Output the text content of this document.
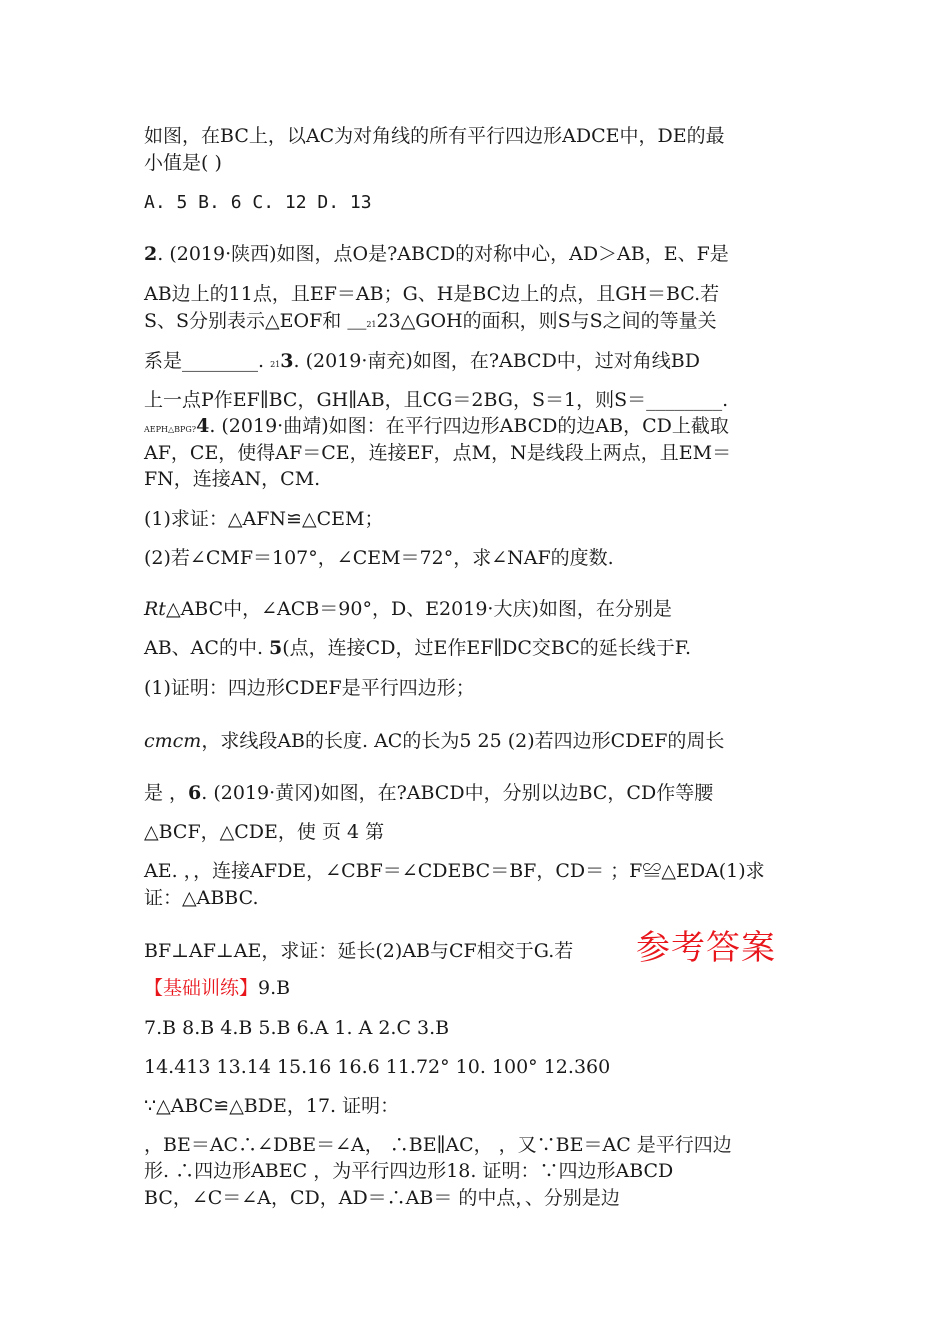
如图，在BC上，以AC为对角线的所有平行四边形ADCE中，DE的最
小值是( )
A. 5 B. 6 C. 12 D. 13
2. (2019·陕西)如图，点O是?ABCD的对称中心，AD＞AB，E、F是
AB边上的11点，且EF＝AB；G、H是BC边上的点，且GH＝BC.若
S、S分别表示△EOF和 ＿2123△GOH的面积，则S与S之间的等量关
系是________. 213. (2019·南充)如图，在?ABCD中，过对角线BD
上一点P作EF∥BC，GH∥AB，且CG＝2BG，S＝1，则S＝________.
AEPH△BPG?4. (2019·曲靖)如图：在平行四边形ABCD的边AB，CD上截取
AF，CE，使得AF＝CE，连接EF，点M，N是线段上两点，且EM＝
FN，连接AN，CM.
(1)求证：△AFN≌△CEM；
(2)若∠CMF＝107°，∠CEM＝72°，求∠NAF的度数.
Rt△ABC中，∠ACB＝90°，D、E2019·大庆)如图，在分别是
AB、AC的中. 5(点，连接CD，过E作EF∥DC交BC的延长线于F.
(1)证明：四边形CDEF是平行四边形；
cmcm，求线段AB的长度. AC的长为5 25 (2)若四边形CDEF的周长
是 ，6. (2019·黄冈)如图，在?ABCD中，分别以边BC，CD作等腰
△BCF，△CDE，使 页 4 第
AE. ，，连接AFDE，∠CBF＝∠CDEBC＝BF，CD＝ ；F≌△EDA(1)求
证：△ABBC.
BF⊥AF⊥AE，求证：延长(2)AB与CF相交于G.若 参考答案
【基础训练】9.B
7.B 8.B 4.B 5.B 6.A 1. A 2.C 3.B
14.413 13.14 15.16 16.6 11.72° 10. 100° 12.360
∵△ABC≌△BDE，17. 证明：
，BE＝AC∴∠DBE＝∠A， ∴BE∥AC， ，又∵BE＝AC 是平行四边
形. ∴四边形ABEC ，为平行四边形18. 证明：∵四边形ABCD
BC，∠C＝∠A，CD，AD＝∴AB＝ 的中点，、分别是边
